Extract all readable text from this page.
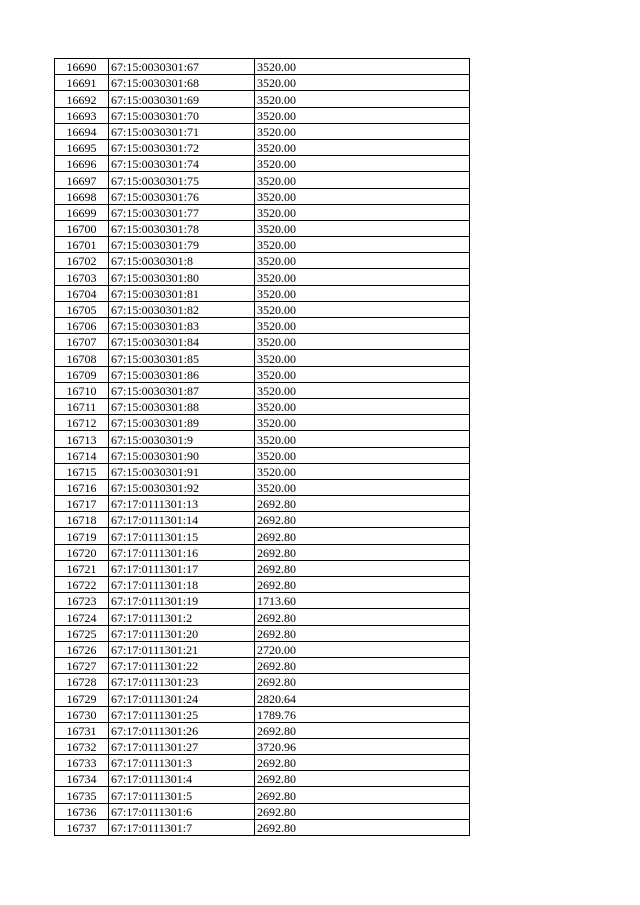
16690	67:15:0030301:67	3520.00
16691	67:15:0030301:68	3520.00
16692	67:15:0030301:69	3520.00
16693	67:15:0030301:70	3520.00
16694	67:15:0030301:71	3520.00
16695	67:15:0030301:72	3520.00
16696	67:15:0030301:74	3520.00
16697	67:15:0030301:75	3520.00
16698	67:15:0030301:76	3520.00
16699	67:15:0030301:77	3520.00
16700	67:15:0030301:78	3520.00
16701	67:15:0030301:79	3520.00
16702	67:15:0030301:8	3520.00
16703	67:15:0030301:80	3520.00
16704	67:15:0030301:81	3520.00
16705	67:15:0030301:82	3520.00
16706	67:15:0030301:83	3520.00
16707	67:15:0030301:84	3520.00
16708	67:15:0030301:85	3520.00
16709	67:15:0030301:86	3520.00
16710	67:15:0030301:87	3520.00
16711	67:15:0030301:88	3520.00
16712	67:15:0030301:89	3520.00
16713	67:15:0030301:9	3520.00
16714	67:15:0030301:90	3520.00
16715	67:15:0030301:91	3520.00
16716	67:15:0030301:92	3520.00
16717	67:17:0111301:13	2692.80
16718	67:17:0111301:14	2692.80
16719	67:17:0111301:15	2692.80
16720	67:17:0111301:16	2692.80
16721	67:17:0111301:17	2692.80
16722	67:17:0111301:18	2692.80
16723	67:17:0111301:19	1713.60
16724	67:17:0111301:2	2692.80
16725	67:17:0111301:20	2692.80
16726	67:17:0111301:21	2720.00
16727	67:17:0111301:22	2692.80
16728	67:17:0111301:23	2692.80
16729	67:17:0111301:24	2820.64
16730	67:17:0111301:25	1789.76
16731	67:17:0111301:26	2692.80
16732	67:17:0111301:27	3720.96
16733	67:17:0111301:3	2692.80
16734	67:17:0111301:4	2692.80
16735	67:17:0111301:5	2692.80
16736	67:17:0111301:6	2692.80
16737	67:17:0111301:7	2692.80
